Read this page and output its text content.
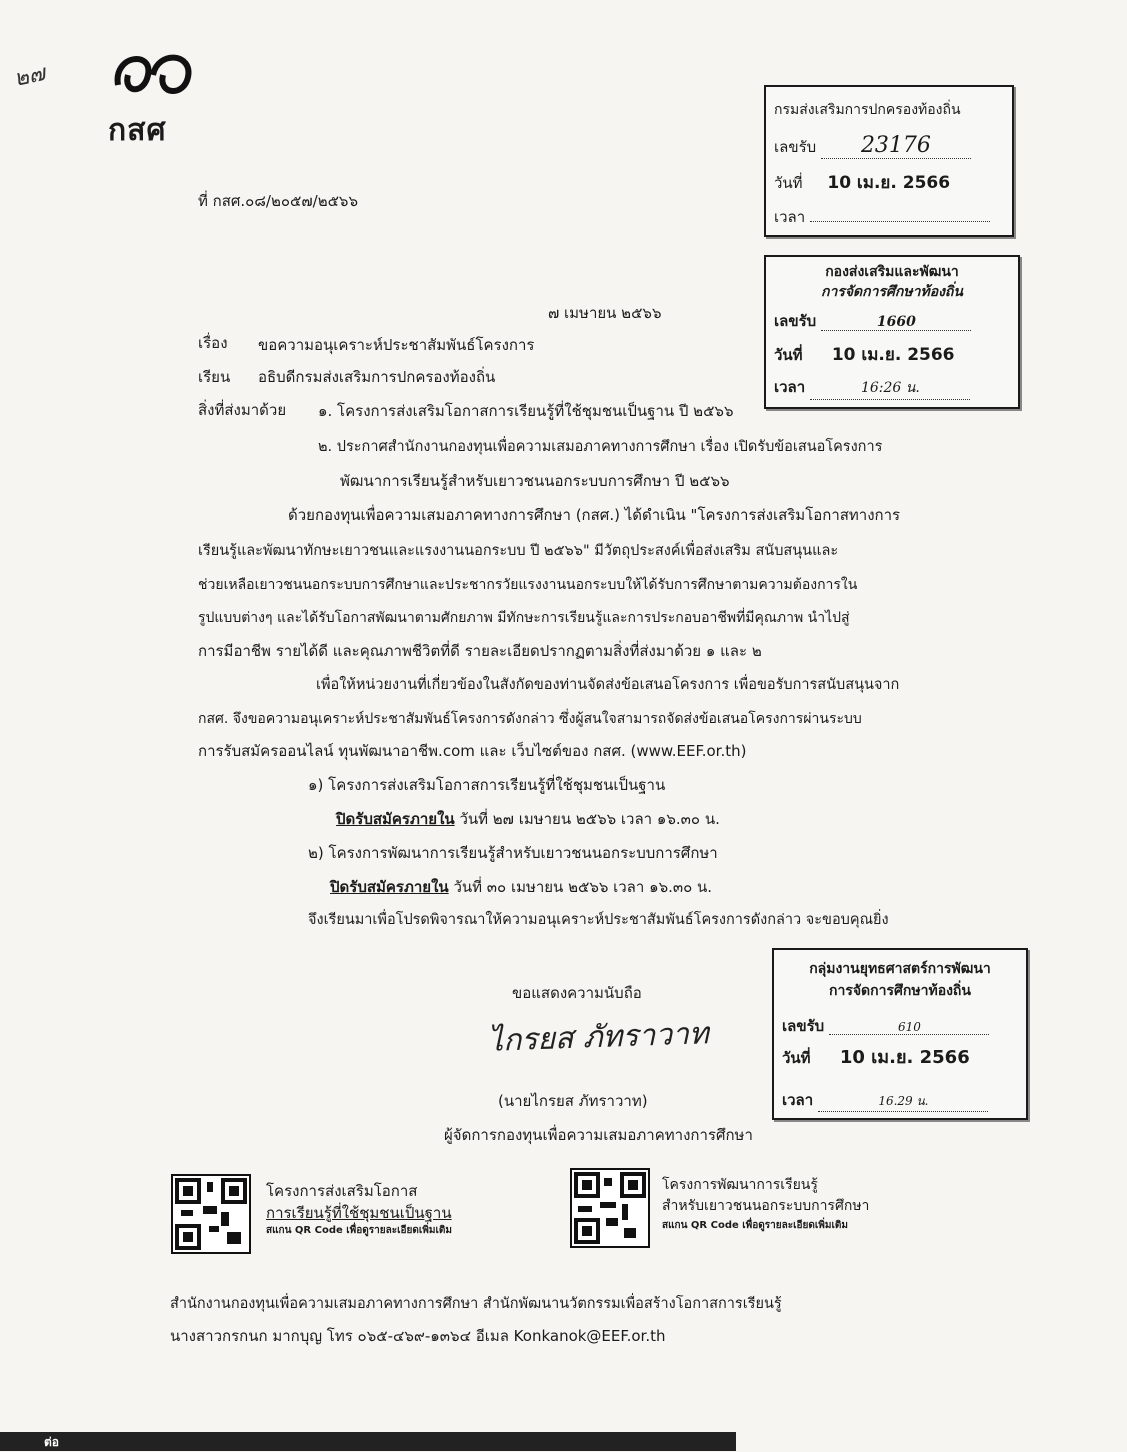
๒๗
กสศ
ที่ กสศ.๐๘/๒๐๕๗/๒๕๖๖
กรมส่งเสริมการปกครองท้องถิ่น
เลขรับ 23176
วันที่ 10 เม.ย. 2566
เวลา
กองส่งเสริมและพัฒนา
การจัดการศึกษาท้องถิ่น
เลขรับ	1660
วันที่ 10 เม.ย. 2566
เวลา	16:26 น.
๗ เมษายน ๒๕๖๖
เรื่อง ขอความอนุเคราะห์ประชาสัมพันธ์โครงการ
เรียน อธิบดีกรมส่งเสริมการปกครองท้องถิ่น
สิ่งที่ส่งมาด้วย ๑. โครงการส่งเสริมโอกาสการเรียนรู้ที่ใช้ชุมชนเป็นฐาน ปี ๒๕๖๖
๒. ประกาศสำนักงานกองทุนเพื่อความเสมอภาคทางการศึกษา เรื่อง เปิดรับข้อเสนอโครงการ
พัฒนาการเรียนรู้สำหรับเยาวชนนอกระบบการศึกษา ปี ๒๕๖๖
ด้วยกองทุนเพื่อความเสมอภาคทางการศึกษา (กสศ.) ได้ดำเนิน "โครงการส่งเสริมโอกาสทางการ
เรียนรู้และพัฒนาทักษะเยาวชนและแรงงานนอกระบบ ปี ๒๕๖๖" มีวัตถุประสงค์เพื่อส่งเสริม สนับสนุนและ
ช่วยเหลือเยาวชนนอกระบบการศึกษาและประชากรวัยแรงงานนอกระบบให้ได้รับการศึกษาตามความต้องการใน
รูปแบบต่างๆ และได้รับโอกาสพัฒนาตามศักยภาพ มีทักษะการเรียนรู้และการประกอบอาชีพที่มีคุณภาพ นำไปสู่
การมีอาชีพ รายได้ดี และคุณภาพชีวิตที่ดี รายละเอียดปรากฏตามสิ่งที่ส่งมาด้วย ๑ และ ๒
เพื่อให้หน่วยงานที่เกี่ยวข้องในสังกัดของท่านจัดส่งข้อเสนอโครงการ เพื่อขอรับการสนับสนุนจาก
กสศ. จึงขอความอนุเคราะห์ประชาสัมพันธ์โครงการดังกล่าว ซึ่งผู้สนใจสามารถจัดส่งข้อเสนอโครงการผ่านระบบ
การรับสมัครออนไลน์ ทุนพัฒนาอาชีพ.com และ เว็บไซต์ของ กสศ. (www.EEF.or.th)
๑) โครงการส่งเสริมโอกาสการเรียนรู้ที่ใช้ชุมชนเป็นฐาน
ปิดรับสมัครภายใน วันที่ ๒๗ เมษายน ๒๕๖๖ เวลา ๑๖.๓๐ น.
๒) โครงการพัฒนาการเรียนรู้สำหรับเยาวชนนอกระบบการศึกษา
ปิดรับสมัครภายใน วันที่ ๓๐ เมษายน ๒๕๖๖ เวลา ๑๖.๓๐ น.
จึงเรียนมาเพื่อโปรดพิจารณาให้ความอนุเคราะห์ประชาสัมพันธ์โครงการดังกล่าว จะขอบคุณยิ่ง
กลุ่มงานยุทธศาสตร์การพัฒนา
การจัดการศึกษาท้องถิ่น
เลขรับ	610
วันที่ 10 เม.ย. 2566
เวลา	16.29 น.
ขอแสดงความนับถือ
ไกรยส ภัทราวาท
(นายไกรยส ภัทราวาท)
ผู้จัดการกองทุนเพื่อความเสมอภาคทางการศึกษา
โครงการส่งเสริมโอกาส
การเรียนรู้ที่ใช้ชุมชนเป็นฐาน
สแกน QR Code เพื่อดูรายละเอียดเพิ่มเติม
โครงการพัฒนาการเรียนรู้
สำหรับเยาวชนนอกระบบการศึกษา
สแกน QR Code เพื่อดูรายละเอียดเพิ่มเติม
สำนักงานกองทุนเพื่อความเสมอภาคทางการศึกษา สำนักพัฒนานวัตกรรมเพื่อสร้างโอกาสการเรียนรู้
นางสาวกรกนก มากบุญ โทร ๐๖๕-๔๖๙-๑๓๖๔ อีเมล Konkanok@EEF.or.th
ต่อ
